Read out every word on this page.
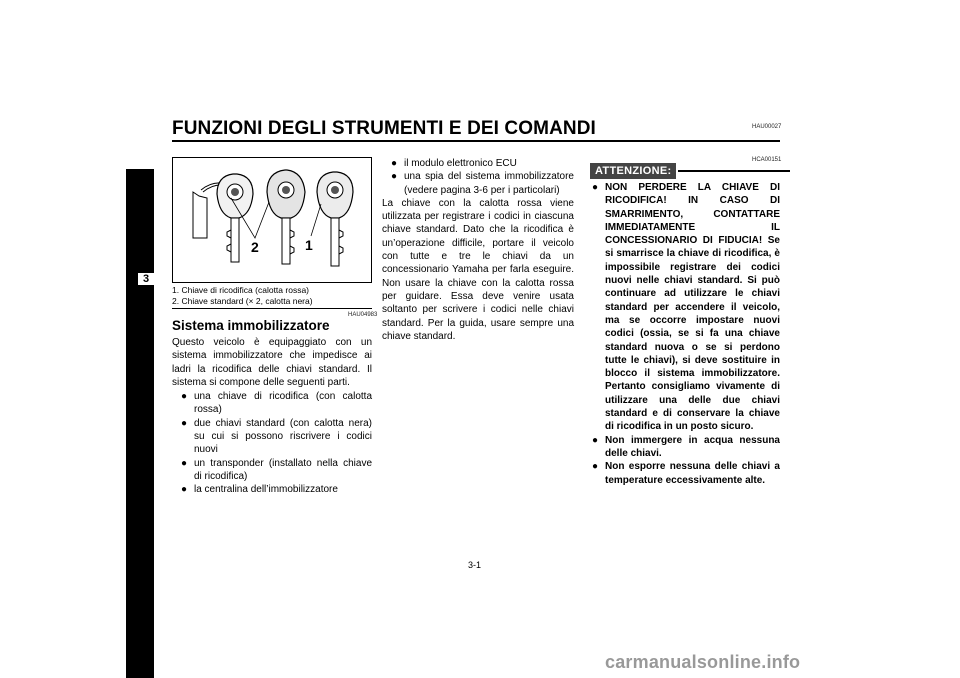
FUNZIONI DEGLI STRUMENTI E DEI COMANDI	HAU00027
3
2	1
1. Chiave di ricodifica (calotta rossa)
2. Chiave standard (× 2, calotta nera)
HAU04983
Sistema immobilizzatore
Questo veicolo è equipaggiato con un sistema immobilizzatore che impedisce ai ladri la ricodifica delle chiavi standard. Il sistema si compone delle seguenti parti.
● una chiave di ricodifica (con calotta rossa)
● due chiavi standard (con calotta nera) su cui si possono riscrivere i codici nuovi
● un transponder (installato nella chiave di ricodifica)
● la centralina dell’immobilizzatore
● il modulo elettronico ECU
● una spia del sistema immobilizzatore (vedere pagina 3-6 per i particolari)
La chiave con la calotta rossa viene utilizzata per registrare i codici in ciascuna chiave standard. Dato che la ricodifica è un’operazione difficile, portare il veicolo con tutte e tre le chiavi da un concessionario Yamaha per farla eseguire. Non usare la chiave con la calotta rossa per guidare. Essa deve venire usata soltanto per scrivere i codici nelle chiavi standard. Per la guida, usare sempre una chiave standard.
HCA00151
ATTENZIONE:
● NON PERDERE LA CHIAVE DI RICODIFICA! IN CASO DI SMARRIMENTO, CONTATTARE IMMEDIATAMENTE IL CONCESSIONARIO DI FIDUCIA! Se si smarrisce la chiave di ricodifica, è impossibile registrare dei codici nuovi nelle chiavi standard. Si può continuare ad utilizzare le chiavi standard per accendere il veicolo, ma se occorre impostare nuovi codici (ossia, se si fa una chiave standard nuova o se si perdono tutte le chiavi), si deve sostituire in blocco il sistema immobilizzatore. Pertanto consigliamo vivamente di utilizzare una delle due chiavi standard e di conservare la chiave di ricodifica in un posto sicuro.
● Non immergere in acqua nessuna delle chiavi.
● Non esporre nessuna delle chiavi a temperature eccessivamente alte.
3-1
carmanualsonline.info
